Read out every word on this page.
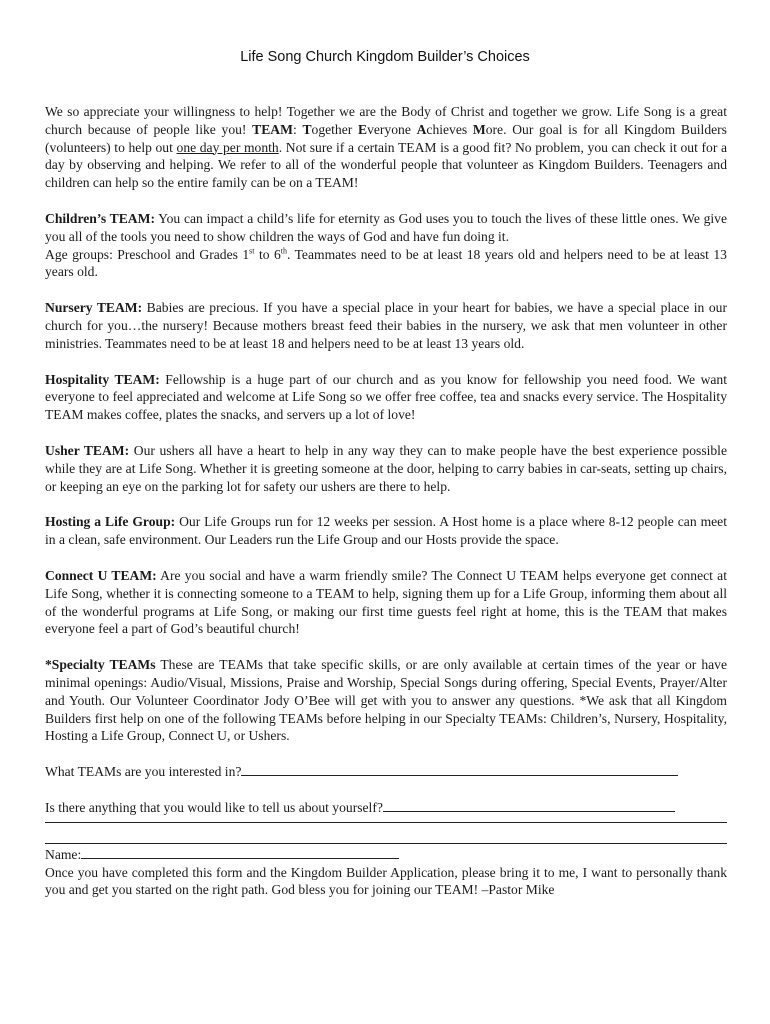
Life Song Church Kingdom Builder’s Choices

We so appreciate your willingness to help! Together we are the Body of Christ and together we grow. Life Song is a great church because of people like you! TEAM: Together Everyone Achieves More. Our goal is for all Kingdom Builders (volunteers) to help out one day per month. Not sure if a certain TEAM is a good fit? No problem, you can check it out for a day by observing and helping. We refer to all of the wonderful people that volunteer as Kingdom Builders. Teenagers and children can help so the entire family can be on a TEAM!

Children’s TEAM: You can impact a child’s life for eternity as God uses you to touch the lives of these little ones. We give you all of the tools you need to show children the ways of God and have fun doing it.
Age groups: Preschool and Grades 1st to 6th. Teammates need to be at least 18 years old and helpers need to be at least 13 years old.

Nursery TEAM: Babies are precious. If you have a special place in your heart for babies, we have a special place in our church for you…the nursery! Because mothers breast feed their babies in the nursery, we ask that men volunteer in other ministries. Teammates need to be at least 18 and helpers need to be at least 13 years old.

Hospitality TEAM: Fellowship is a huge part of our church and as you know for fellowship you need food. We want everyone to feel appreciated and welcome at Life Song so we offer free coffee, tea and snacks every service. The Hospitality TEAM makes coffee, plates the snacks, and servers up a lot of love!

Usher TEAM: Our ushers all have a heart to help in any way they can to make people have the best experience possible while they are at Life Song. Whether it is greeting someone at the door, helping to carry babies in car-seats, setting up chairs, or keeping an eye on the parking lot for safety our ushers are there to help.

Hosting a Life Group: Our Life Groups run for 12 weeks per session. A Host home is a place where 8-12 people can meet in a clean, safe environment. Our Leaders run the Life Group and our Hosts provide the space.

Connect U TEAM: Are you social and have a warm friendly smile? The Connect U TEAM helps everyone get connect at Life Song, whether it is connecting someone to a TEAM to help, signing them up for a Life Group, informing them about all of the wonderful programs at Life Song, or making our first time guests feel right at home, this is the TEAM that makes everyone feel a part of God’s beautiful church!

*Specialty TEAMs These are TEAMs that take specific skills, or are only available at certain times of the year or have minimal openings: Audio/Visual, Missions, Praise and Worship, Special Songs during offering, Special Events, Prayer/Alter and Youth. Our Volunteer Coordinator Jody O’Bee will get with you to answer any questions. *We ask that all Kingdom Builders first help on one of the following TEAMs before helping in our Specialty TEAMs: Children’s, Nursery, Hospitality, Hosting a Life Group, Connect U, or Ushers.

What TEAMs are you interested in?

Is there anything that you would like to tell us about yourself?

Name:

Once you have completed this form and the Kingdom Builder Application, please bring it to me, I want to personally thank you and get you started on the right path. God bless you for joining our TEAM! –Pastor Mike
